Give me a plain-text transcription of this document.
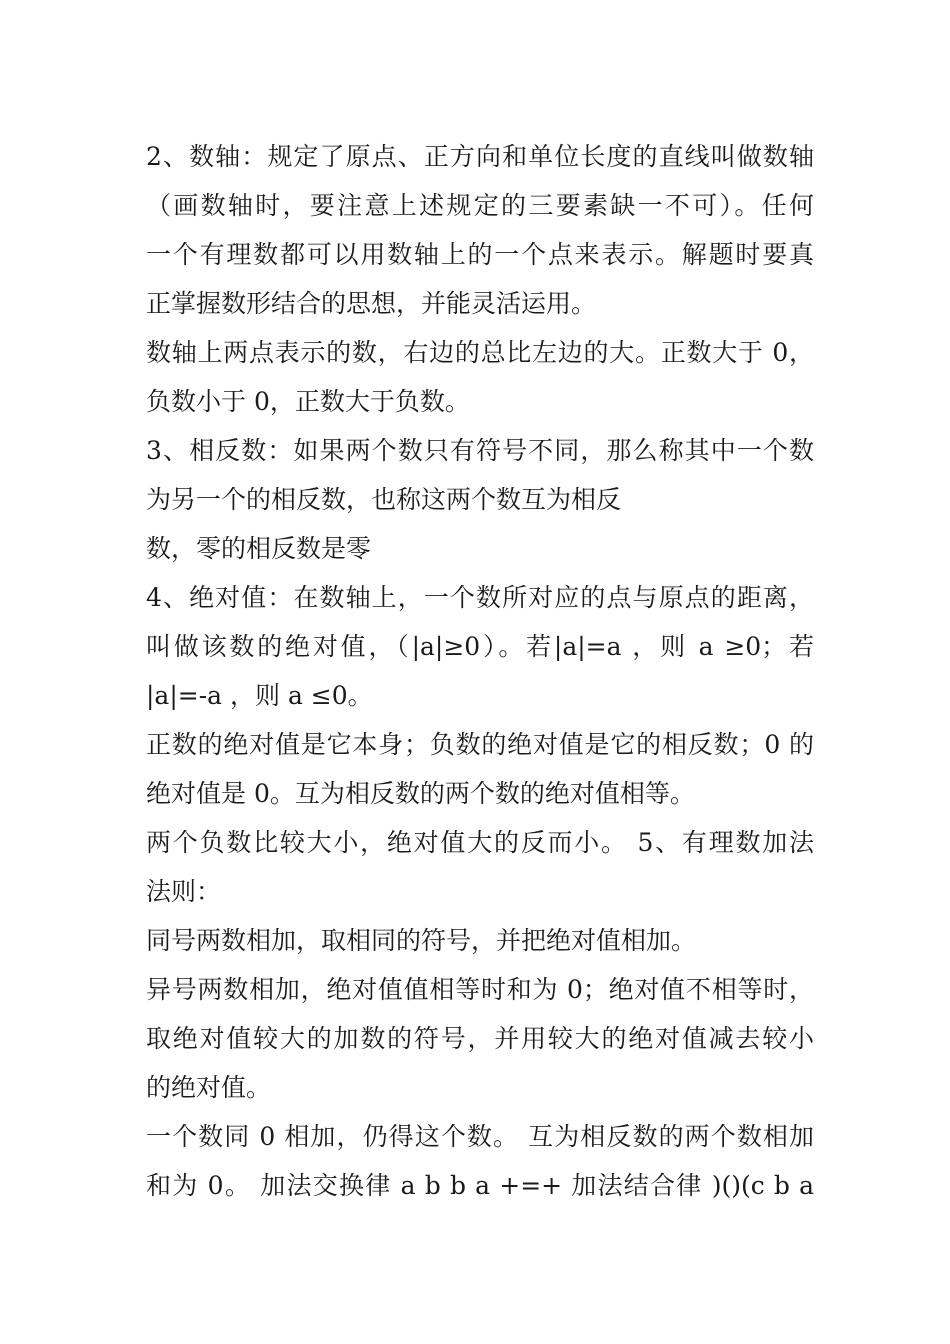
2、数轴：规定了原点、正方向和单位长度的直线叫做数轴
（画数轴时，要注意上述规定的三要素缺一不可）。任何
一个有理数都可以用数轴上的一个点来表示。解题时要真
正掌握数形结合的思想，并能灵活运用。
数轴上两点表示的数，右边的总比左边的大。正数大于 0，
负数小于 0，正数大于负数。
3、相反数：如果两个数只有符号不同，那么称其中一个数
为另一个的相反数，也称这两个数互为相反
数，零的相反数是零
4、绝对值：在数轴上，一个数所对应的点与原点的距离，
叫做该数的绝对值，（|a|≥0）。若|a|=a ，则 a ≥0；若
|a|=-a ，则 a ≤0。
正数的绝对值是它本身；负数的绝对值是它的相反数；0 的
绝对值是 0。互为相反数的两个数的绝对值相等。
两个负数比较大小，绝对值大的反而小。 5、有理数加法
法则：
同号两数相加，取相同的符号，并把绝对值相加。
异号两数相加，绝对值值相等时和为 0；绝对值不相等时，
取绝对值较大的加数的符号，并用较大的绝对值减去较小
的绝对值。
一个数同 0 相加，仍得这个数。 互为相反数的两个数相加
和为 0。 加法交换律 a b b a +=+ 加法结合律 )()(c b a
